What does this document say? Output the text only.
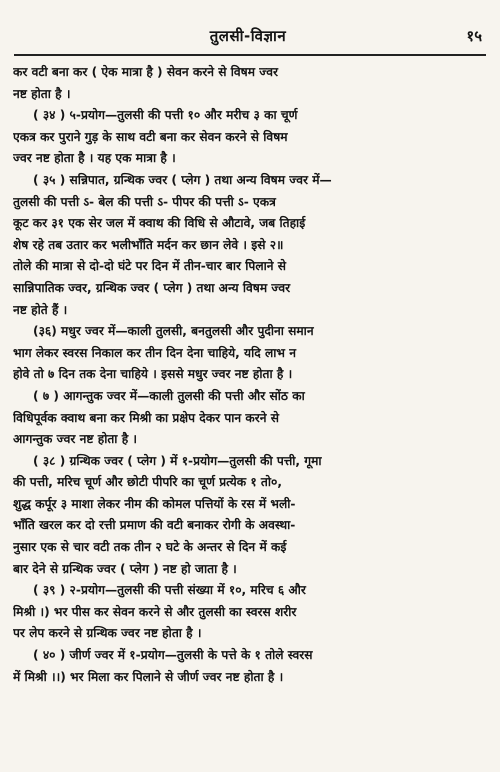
तुलसी-विज्ञान	१५
कर वटी बना कर ( ऐक मात्रा है ) सेवन करने से विषम ज्वर
नष्ट होता है ।
( ३४ ) ५-प्रयोग—तुलसी की पत्ती १० और मरीच ३ का चूर्ण
एकत्र कर पुराने गुड़ के साथ वटी बना कर सेवन करने से विषम
ज्वर नष्ट होता है । यह एक मात्रा है ।
( ३५ ) सन्निपात, ग्रन्थिक ज्वर ( प्लेग ) तथा अन्य विषम ज्वर में—
तुलसी की पत्ती ऽ- बेल की पत्ती ऽ- पीपर की पत्ती ऽ- एकत्र
कूट कर ३१ एक सेर जल में क्वाथ की विधि से औटावे, जब तिहाई
शेष रहे तब उतार कर भलीभाँति मर्दन कर छान लेवे । इसे २॥
तोले की मात्रा से दो-दो घंटे पर दिन में तीन-चार बार पिलाने से
सान्निपातिक ज्वर, ग्रन्थिक ज्वर ( प्लेग ) तथा अन्य विषम ज्वर
नष्ट होते हैं ।
(३६) मधुर ज्वर में—काली तुलसी, बनतुलसी और पुदीना समान
भाग लेकर स्वरस निकाल कर तीन दिन देना चाहिये, यदि लाभ न
होवे तो ७ दिन तक देना चाहिये । इससे मधुर ज्वर नष्ट होता है ।
( ७ ) आगन्तुक ज्वर में—काली तुलसी की पत्ती और सोंठ का
विधिपूर्वक क्वाथ बना कर मिश्री का प्रक्षेप देकर पान करने से
आगन्तुक ज्वर नष्ट होता है ।
( ३८ ) ग्रन्थिक ज्वर ( प्लेग ) में १-प्रयोग—तुलसी की पत्ती, गूमा
की पत्ती, मरिच चूर्ण और छोटी पीपरि का चूर्ण प्रत्येक १ तो०,
शुद्ध कर्पूर ३ माशा लेकर नीम की कोमल पत्तियों के रस में भली-
भाँति खरल कर दो रत्ती प्रमाण की वटी बनाकर रोगी के अवस्था-
नुसार एक से चार वटी तक तीन २ घटे के अन्तर से दिन में कई
बार देने से ग्रन्थिक ज्वर ( प्लेग ) नष्ट हो जाता है ।
( ३९ ) २-प्रयोग—तुलसी की पत्ती संख्या में १०, मरिच ६ और
मिश्री ।) भर पीस कर सेवन करने से और तुलसी का स्वरस शरीर
पर लेप करने से ग्रन्थिक ज्वर नष्ट होता है ।
( ४० ) जीर्ण ज्वर में १-प्रयोग—तुलसी के पत्ते के १ तोले स्वरस
में मिश्री ।।) भर मिला कर पिलाने से जीर्ण ज्वर नष्ट होता है ।
